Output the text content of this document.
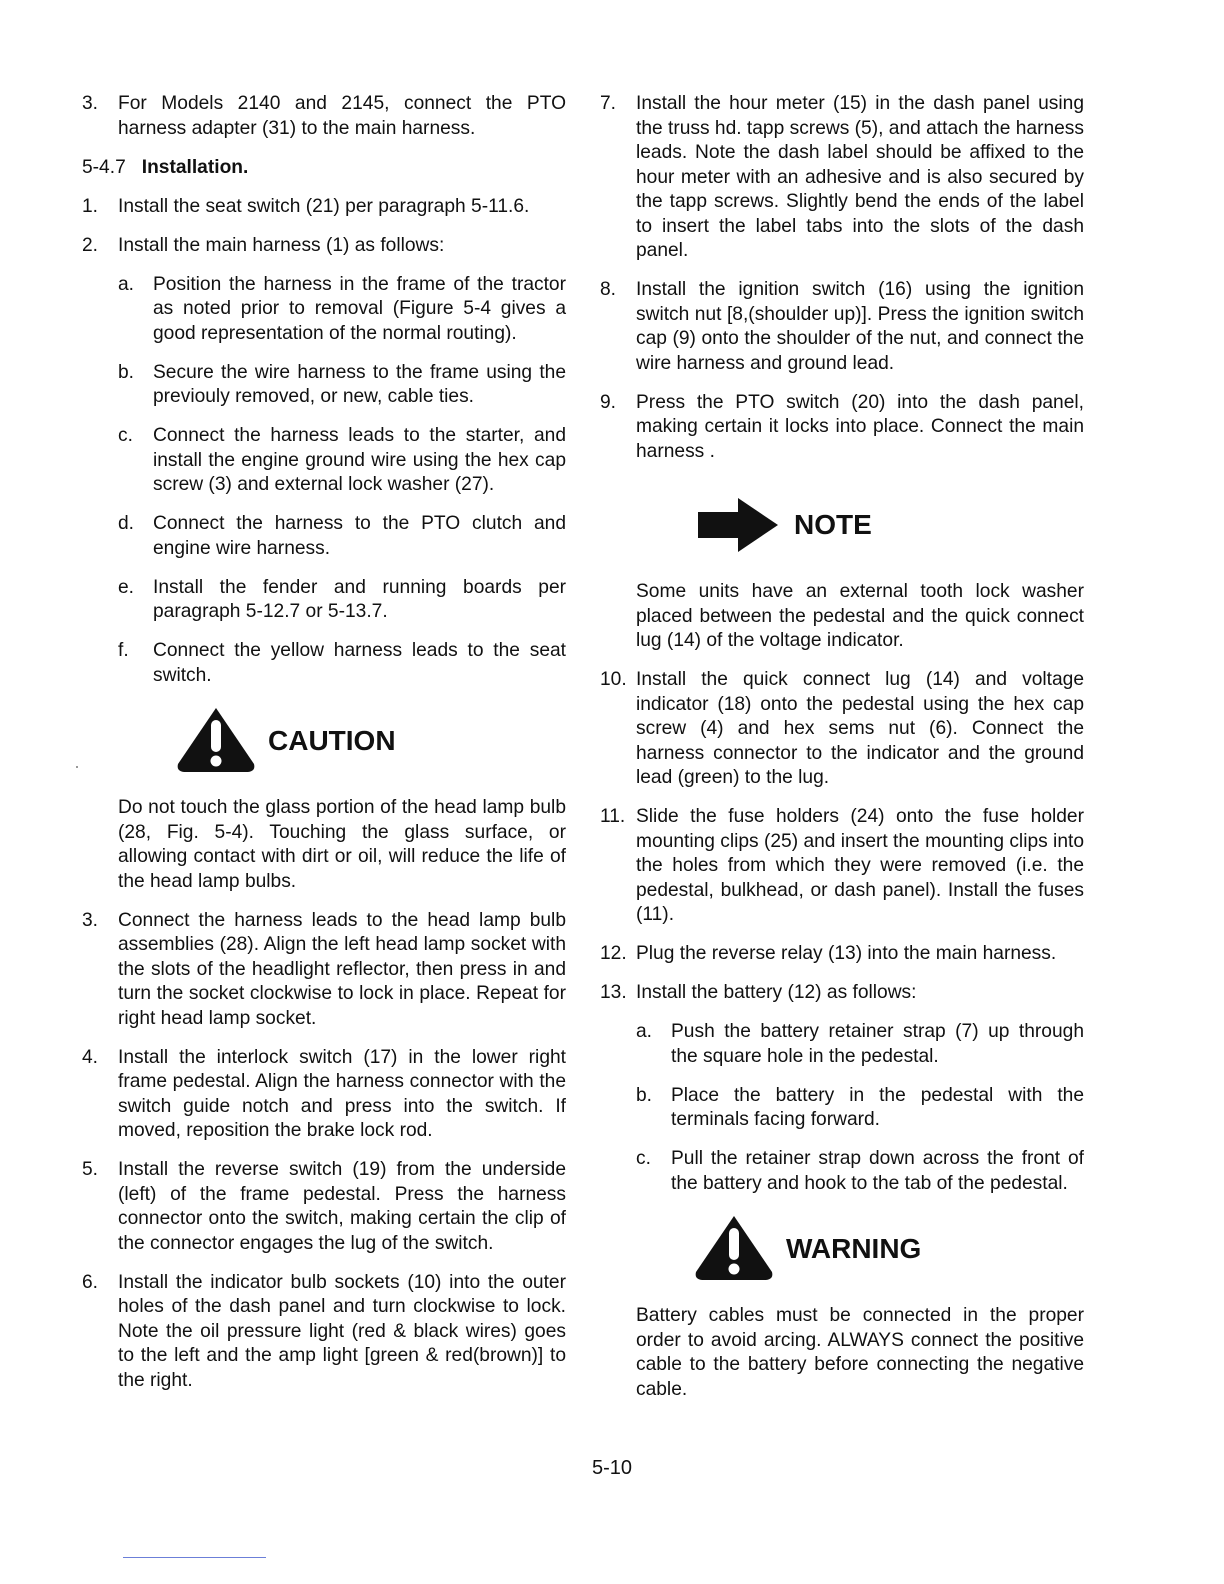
3.	For Models 2140 and 2145, connect the PTO harness adapter (31) to the main harness.
5-4.7 Installation.
1.	Install the seat switch (21) per paragraph 5-11.6.
2.	Install the main harness (1) as follows:
a. Position the harness in the frame of the tractor as noted prior to removal (Figure 5-4 gives a good representation of the normal routing).
b. Secure the wire harness to the frame using the previouly removed, or new, cable ties.
c.	Connect the harness leads to the starter, and install the engine ground wire using the hex cap screw (3) and external lock washer (27).
d. Connect the harness to the PTO clutch and engine wire harness.
e. Install the fender and running boards per paragraph 5-12.7 or 5-13.7.
f.	Connect the yellow harness leads to the seat switch.
CAUTION
Do not touch the glass portion of the head lamp bulb (28, Fig. 5-4). Touching the glass surface, or allowing contact with dirt or oil, will reduce the life of the head lamp bulbs.
3.	Connect the harness leads to the head lamp bulb assemblies (28). Align the left head lamp socket with the slots of the headlight reflector, then press in and turn the socket clockwise to lock in place. Repeat for right head lamp socket.
4.	Install the interlock switch (17) in the lower right frame pedestal. Align the harness connector with the switch guide notch and press into the switch. If moved, reposition the brake lock rod.
5.	Install the reverse switch (19) from the underside (left) of the frame pedestal. Press the harness connector onto the switch, making certain the clip of the connector engages the lug of the switch.
6.	Install the indicator bulb sockets (10) into the outer holes of the dash panel and turn clockwise to lock. Note the oil pressure light (red & black wires) goes to the left and the amp light [green & red(brown)] to the right.
7.	Install the hour meter (15) in the dash panel using the truss hd. tapp screws (5), and attach the harness leads. Note the dash label should be affixed to the hour meter with an adhesive and is also secured by the tapp screws. Slightly bend the ends of the label to insert the label tabs into the slots of the dash panel.
8.	Install the ignition switch (16) using the ignition switch nut [8,(shoulder up)]. Press the ignition switch cap (9) onto the shoulder of the nut, and connect the wire harness and ground lead.
9.	Press the PTO switch (20) into the dash panel, making certain it locks into place. Connect the main harness .
NOTE
Some units have an external tooth lock washer placed between the pedestal and the quick connect lug (14) of the voltage indicator.
10. Install the quick connect lug (14) and voltage indicator (18) onto the pedestal using the hex cap screw (4) and hex sems nut (6). Connect the harness connector to the indicator and the ground lead (green) to the lug.
11. Slide the fuse holders (24) onto the fuse holder mounting clips (25) and insert the mounting clips into the holes from which they were removed (i.e. the pedestal, bulkhead, or dash panel). Install the fuses (11).
12. Plug the reverse relay (13) into the main harness.
13. Install the battery (12) as follows:
a. Push the battery retainer strap (7) up through the square hole in the pedestal.
b. Place the battery in the pedestal with the terminals facing forward.
c.	Pull the retainer strap down across the front of the battery and hook to the tab of the pedestal.
WARNING
Battery cables must be connected in the proper order to avoid arcing. ALWAYS connect the positive cable to the battery before connecting the negative cable.
5-10
